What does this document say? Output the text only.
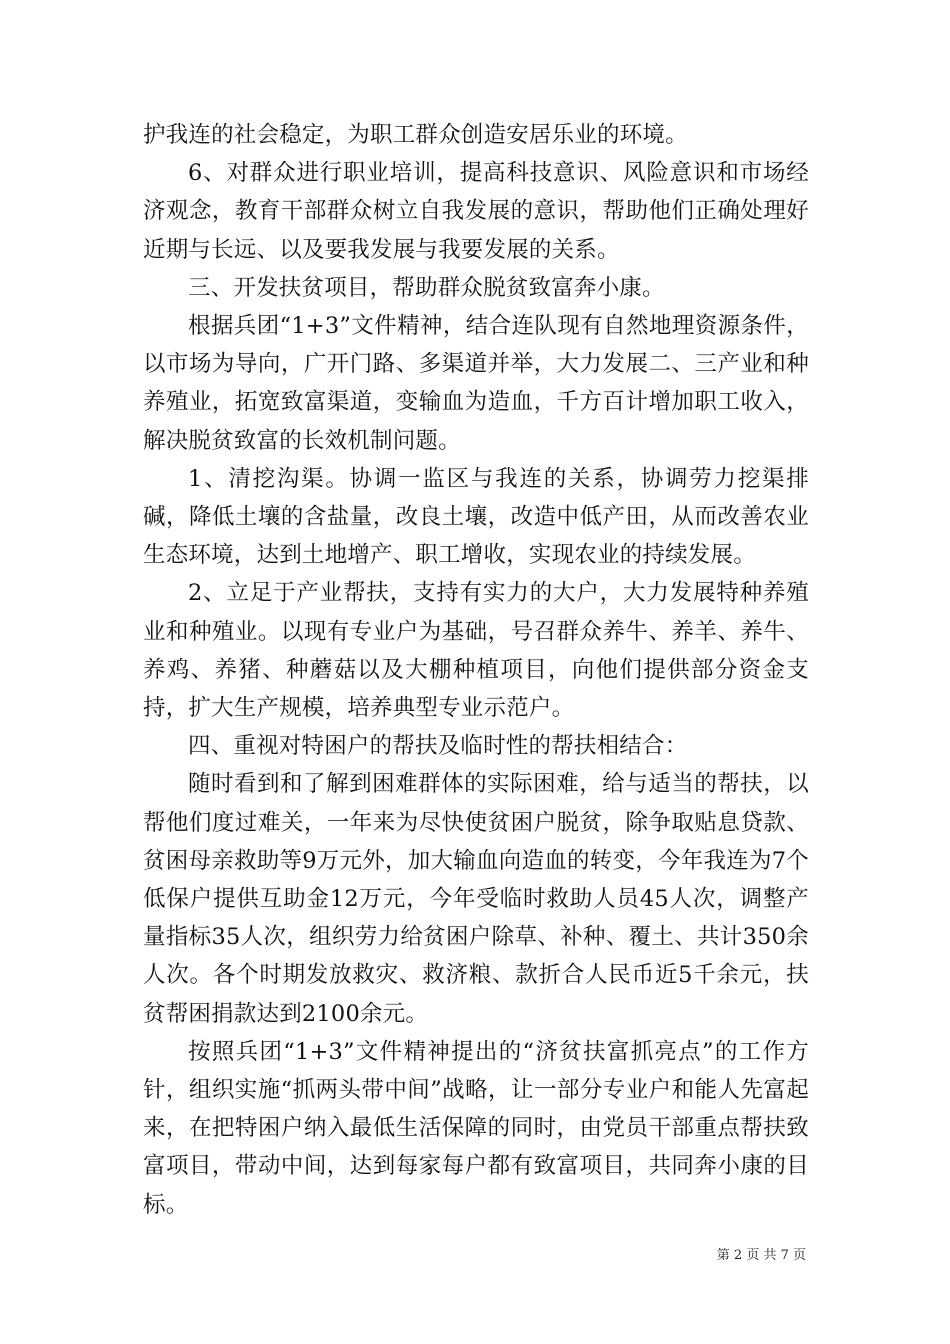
护我连的社会稳定，为职工群众创造安居乐业的环境。

6、对群众进行职业培训，提高科技意识、风险意识和市场经济观念，教育干部群众树立自我发展的意识，帮助他们正确处理好近期与长远、以及要我发展与我要发展的关系。

三、开发扶贫项目，帮助群众脱贫致富奔小康。

根据兵团“1+3”文件精神，结合连队现有自然地理资源条件，以市场为导向，广开门路、多渠道并举，大力发展二、三产业和种养殖业，拓宽致富渠道，变输血为造血，千方百计增加职工收入，解决脱贫致富的长效机制问题。

1、清挖沟渠。协调一监区与我连的关系，协调劳力挖渠排碱，降低土壤的含盐量，改良土壤，改造中低产田，从而改善农业生态环境，达到土地增产、职工增收，实现农业的持续发展。

2、立足于产业帮扶，支持有实力的大户，大力发展特种养殖业和种殖业。以现有专业户为基础，号召群众养牛、养羊、养牛、养鸡、养猪、种蘑菇以及大棚种植项目，向他们提供部分资金支持，扩大生产规模，培养典型专业示范户。

四、重视对特困户的帮扶及临时性的帮扶相结合：

随时看到和了解到困难群体的实际困难，给与适当的帮扶，以帮他们度过难关，一年来为尽快使贫困户脱贫，除争取贴息贷款、贫困母亲救助等9万元外，加大输血向造血的转变，今年我连为7个低保户提供互助金12万元，今年受临时救助人员45人次，调整产量指标35人次，组织劳力给贫困户除草、补种、覆土、共计350余人次。各个时期发放救灾、救济粮、款折合人民币近5千余元，扶贫帮困捐款达到2100余元。

按照兵团“1+3”文件精神提出的“济贫扶富抓亮点”的工作方针，组织实施“抓两头带中间”战略，让一部分专业户和能人先富起来，在把特困户纳入最低生活保障的同时，由党员干部重点帮扶致富项目，带动中间，达到每家每户都有致富项目，共同奔小康的目标。

第 2 页 共 7 页
